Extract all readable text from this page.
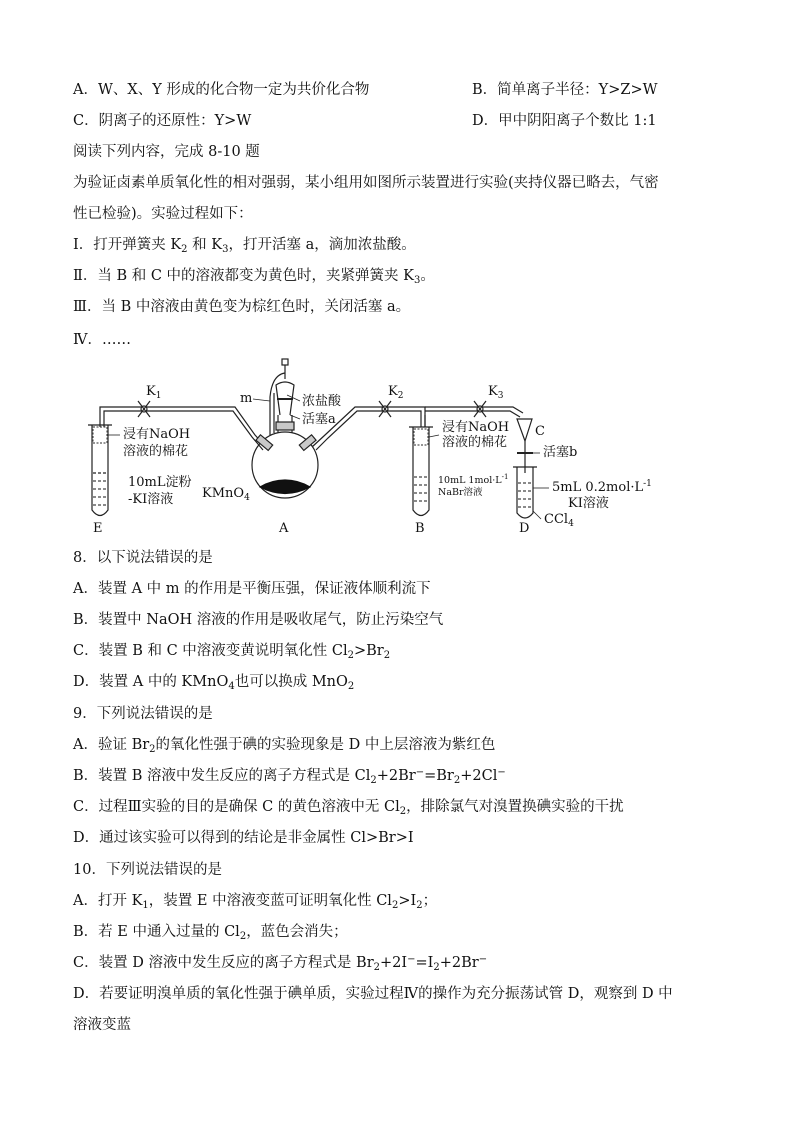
A．W、X、Y 形成的化合物一定为共价化合物	B．简单离子半径：Y>Z>W
C．阴离子的还原性：Y>W	D．甲中阴阳离子个数比 1:1
阅读下列内容，完成 8-10 题
为验证卤素单质氧化性的相对强弱，某小组用如图所示装置进行实验(夹持仪器已略去，气密
性已检验)。实验过程如下：
Ⅰ．打开弹簧夹 $K_2$ 和 $K_3$，打开活塞 a，滴加浓盐酸。
Ⅱ．当 B 和 C 中的溶液都变为黄色时，夹紧弹簧夹 $K_3$。
Ⅲ．当 B 中溶液由黄色变为棕红色时，关闭活塞 a。
Ⅳ．……
$K_1$	$K_2$	$K_3$
m	浓盐酸
活塞a
浸有NaOH
溶液的棉花
10mL淀粉
-KI溶液 KMnO$_4$
浸有NaOH
溶液的棉花
C
活塞b
5mL $0.2mol\cdot L^{-1}$
KI溶液
CCl$_4$
E	A	B	D
10mL $1mol\cdot L^{-1}$
NaBr溶液
8．以下说法错误的是
A．装置 A 中 m 的作用是平衡压强，保证液体顺利流下
B．装置中 NaOH 溶液的作用是吸收尾气，防止污染空气
C．装置 B 和 C 中溶液变黄说明氧化性 $Cl_2>Br_2$
D．装置 A 中的 KMnO$_4$也可以换成 MnO$_2$
9．下列说法错误的是
A．验证 $Br_2$的氧化性强于碘的实验现象是 D 中上层溶液为紫红色
B．装置 B 溶液中发生反应的离子方程式是 $Cl_2+2Br^-=Br_2+2Cl^-$
C．过程Ⅲ实验的目的是确保 C 的黄色溶液中无 $Cl_2$，排除氯气对溴置换碘实验的干扰
D．通过该实验可以得到的结论是非金属性 Cl>Br>I
10．下列说法错误的是
A．打开 $K_1$，装置 E 中溶液变蓝可证明氧化性 $Cl_2>I_2$；
B．若 E 中通入过量的 $Cl_2$，蓝色会消失；
C．装置 D 溶液中发生反应的离子方程式是 $Br_2+2I^-=I_2+2Br^-$
D．若要证明溴单质的氧化性强于碘单质，实验过程Ⅳ的操作为充分振荡试管 D，观察到 D 中
溶液变蓝
